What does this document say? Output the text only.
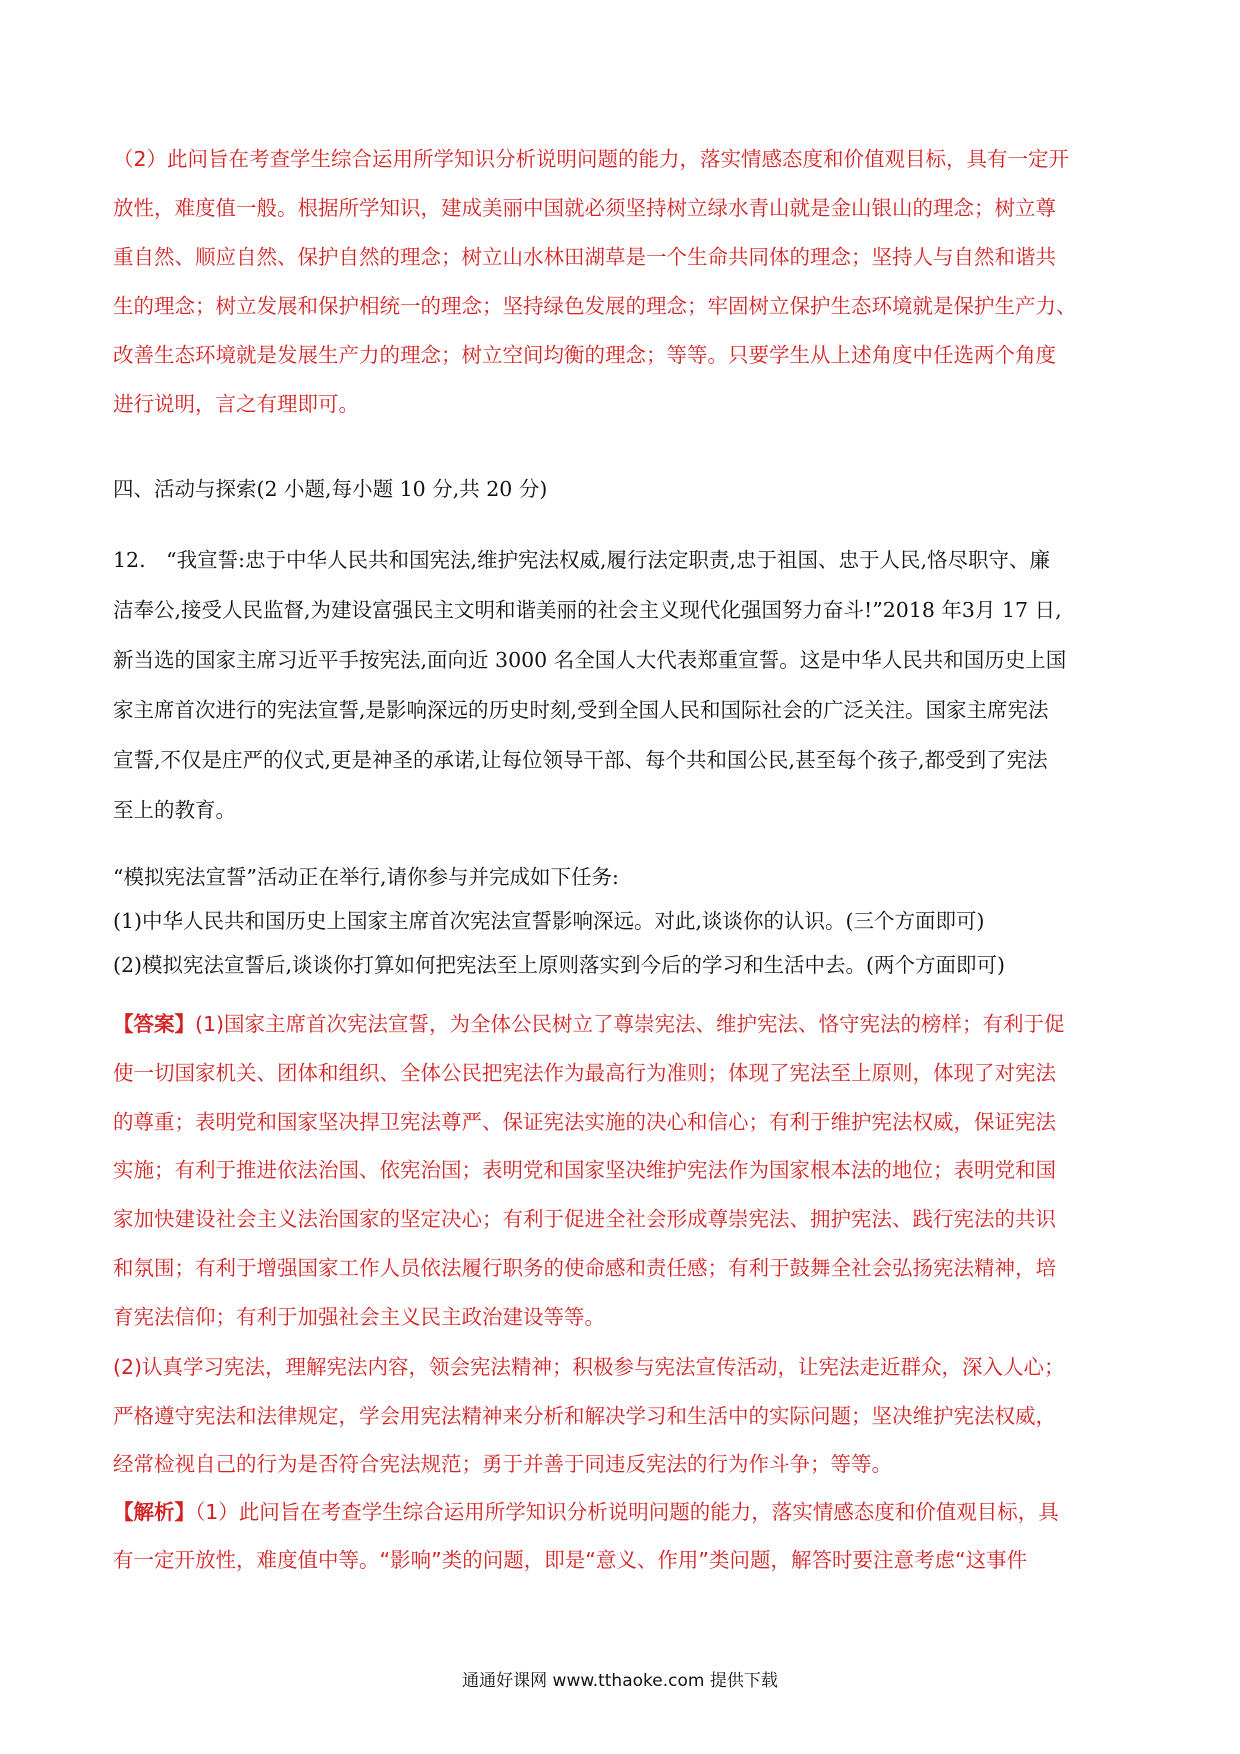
（2）此问旨在考查学生综合运用所学知识分析说明问题的能力，落实情感态度和价值观目标，具有一定开
放性，难度值一般。根据所学知识，建成美丽中国就必须坚持树立绿水青山就是金山银山的理念；树立尊
重自然、顺应自然、保护自然的理念；树立山水林田湖草是一个生命共同体的理念；坚持人与自然和谐共
生的理念；树立发展和保护相统一的理念；坚持绿色发展的理念；牢固树立保护生态环境就是保护生产力、
改善生态环境就是发展生产力的理念；树立空间均衡的理念；等等。只要学生从上述角度中任选两个角度
进行说明，言之有理即可。

四、活动与探索(2 小题,每小题 10 分,共 20 分)

12.　“我宣誓:忠于中华人民共和国宪法,维护宪法权威,履行法定职责,忠于祖国、忠于人民,恪尽职守、廉
洁奉公,接受人民监督,为建设富强民主文明和谐美丽的社会主义现代化强国努力奋斗!”2018 年3月 17 日,
新当选的国家主席习近平手按宪法,面向近 3000 名全国人大代表郑重宣誓。这是中华人民共和国历史上国
家主席首次进行的宪法宣誓,是影响深远的历史时刻,受到全国人民和国际社会的广泛关注。国家主席宪法
宣誓,不仅是庄严的仪式,更是神圣的承诺,让每位领导干部、每个共和国公民,甚至每个孩子,都受到了宪法
至上的教育。
“模拟宪法宣誓”活动正在举行,请你参与并完成如下任务:
(1)中华人民共和国历史上国家主席首次宪法宣誓影响深远。对此,谈谈你的认识。(三个方面即可)
(2)模拟宪法宣誓后,谈谈你打算如何把宪法至上原则落实到今后的学习和生活中去。(两个方面即可)
【答案】(1)国家主席首次宪法宣誓，为全体公民树立了尊崇宪法、维护宪法、恪守宪法的榜样；有利于促
使一切国家机关、团体和组织、全体公民把宪法作为最高行为准则；体现了宪法至上原则，体现了对宪法
的尊重；表明党和国家坚决捍卫宪法尊严、保证宪法实施的决心和信心；有利于维护宪法权威，保证宪法
实施；有利于推进依法治国、依宪治国；表明党和国家坚决维护宪法作为国家根本法的地位；表明党和国
家加快建设社会主义法治国家的坚定决心；有利于促进全社会形成尊崇宪法、拥护宪法、践行宪法的共识
和氛围；有利于增强国家工作人员依法履行职务的使命感和责任感；有利于鼓舞全社会弘扬宪法精神，培
育宪法信仰；有利于加强社会主义民主政治建设等等。
(2)认真学习宪法，理解宪法内容，领会宪法精神；积极参与宪法宣传活动，让宪法走近群众，深入人心；
严格遵守宪法和法律规定，学会用宪法精神来分析和解决学习和生活中的实际问题；坚决维护宪法权威，
经常检视自己的行为是否符合宪法规范；勇于并善于同违反宪法的行为作斗争；等等。
【解析】（1）此问旨在考查学生综合运用所学知识分析说明问题的能力，落实情感态度和价值观目标，具
有一定开放性，难度值中等。“影响”类的问题，即是“意义、作用”类问题，解答时要注意考虑“这事件
通通好课网 www.tthaoke.com 提供下载
